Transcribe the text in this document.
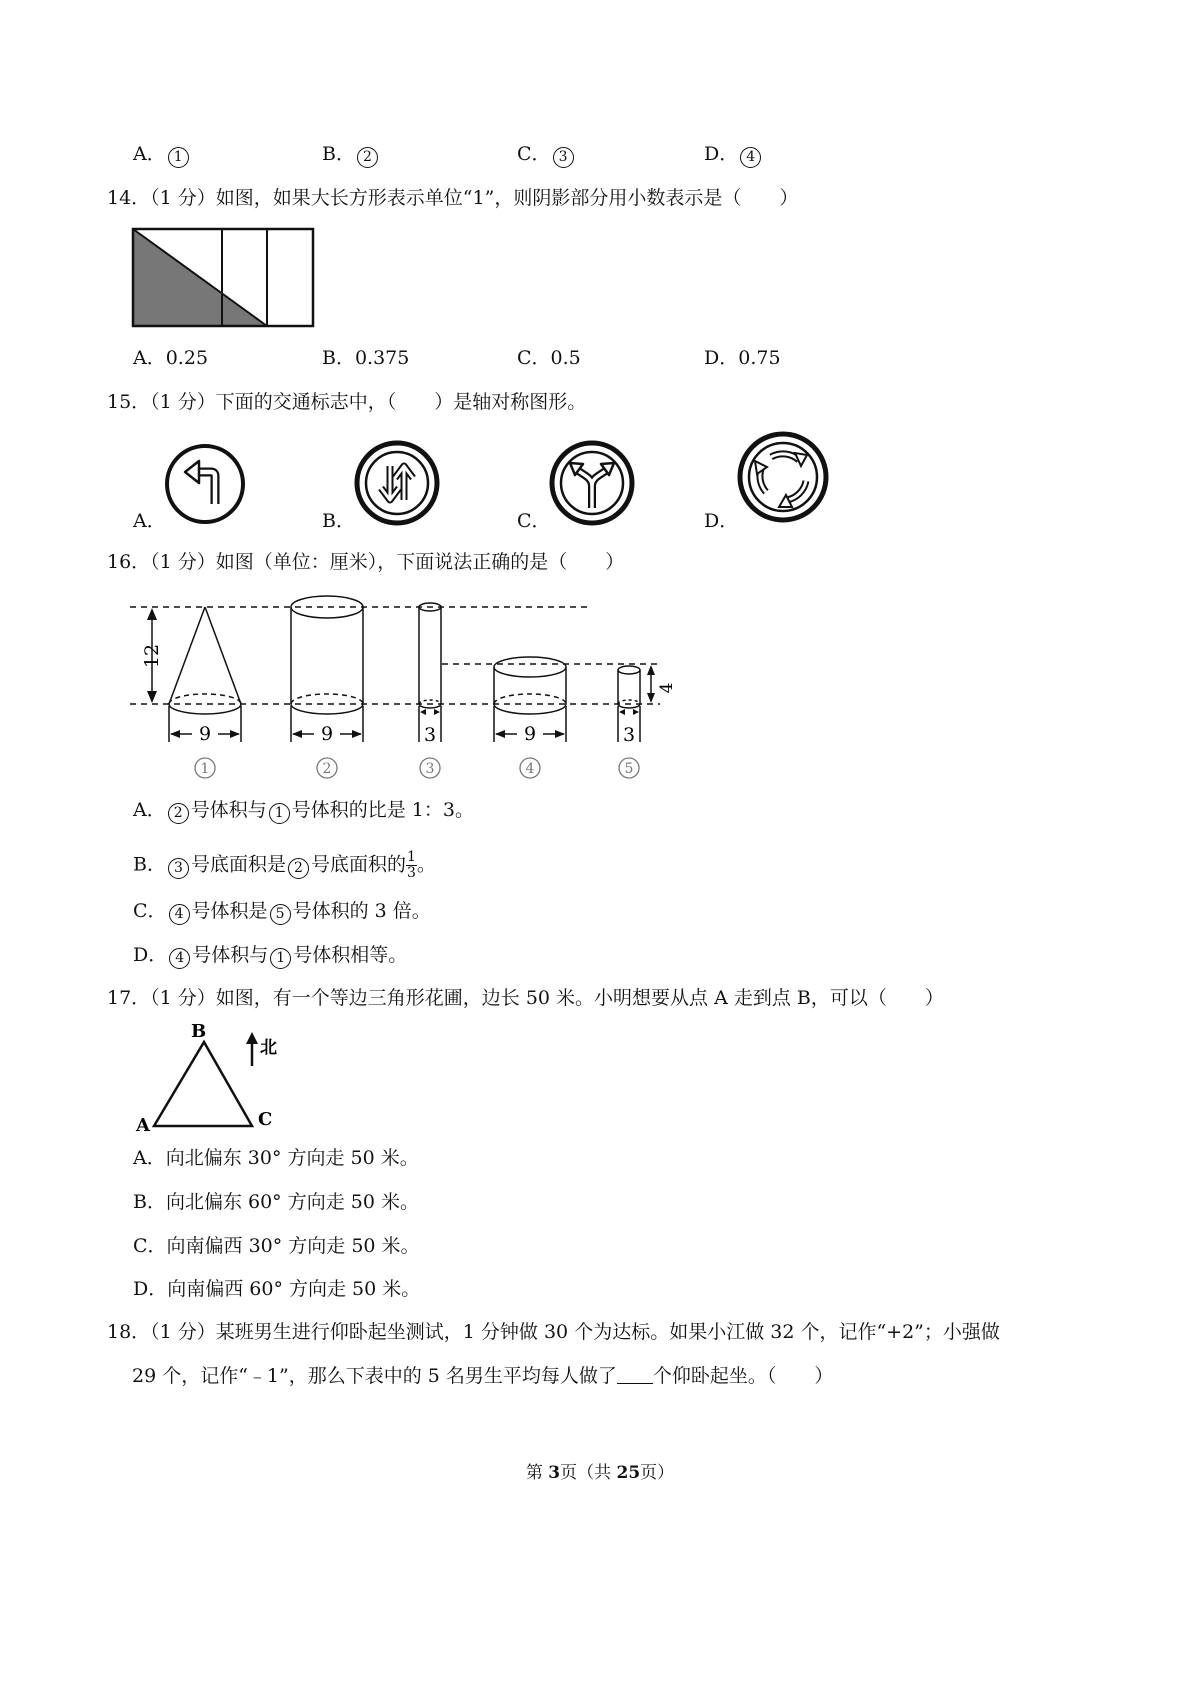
A． 1	B． 2	C． 3	D． 4
14．（1 分）如图，如果大长方形表示单位“1”，则阴影部分用小数表示是（　　）
A．0.25	B．0.375	C．0.5	D．0.75
15．（1 分）下面的交通标志中，（　　）是轴对称图形。
A．	B．	C．	D．
16．（1 分）如图（单位：厘米），下面说法正确的是（　　）
12
4
9	9	3	9	3
1	2	3	4	5
A． 2 号体积与 1 号体积的比是 1：3。
B． 3 号底面积是 2 号底面积的 $\frac{1}{3}$ 。
C． 4 号体积是 5 号体积的 3 倍。
D． 4 号体积与 1 号体积相等。
17．（1 分）如图，有一个等边三角形花圃，边长 50 米。小明想要从点 A 走到点 B，可以（　　）
A
B
C
北
A．向北偏东 30° 方向走 50 米。
B．向北偏东 60° 方向走 50 米。
C．向南偏西 30° 方向走 50 米。
D．向南偏西 60° 方向走 50 米。
18．（1 分）某班男生进行仰卧起坐测试，1 分钟做 30 个为达标。如果小江做 32 个，记作“+2”；小强做
29 个，记作“﹣1”，那么下表中的 5 名男生平均每人做了 个仰卧起坐。（　　）
第 3页（共 25页）
